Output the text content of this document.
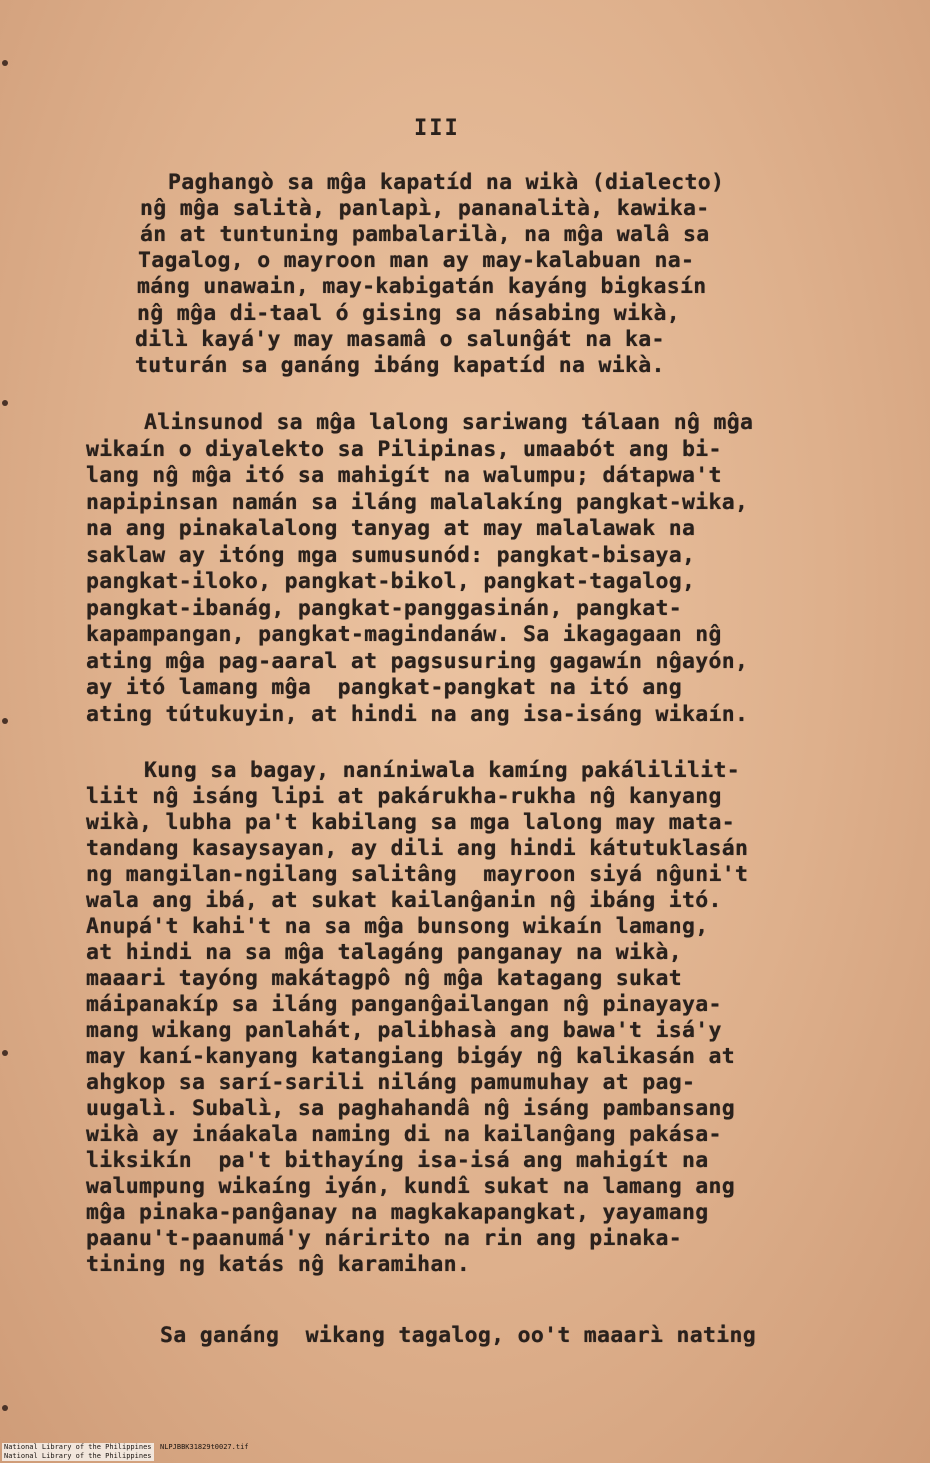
III
Paghangò sa mĝa kapatíd na wikà (dialecto)
nĝ mĝa salità, panlapì, pananalità, kawika-
án at tuntuning pambalarilà, na mĝa walâ sa
Tagalog, o mayroon man ay may-kalabuan na-
máng unawain, may-kabigatán kayáng bigkasín
nĝ mĝa di-taal ó gising sa násabing wikà,
dilì kayá'y may masamâ o salunĝát na ka-
tuturán sa ganáng ibáng kapatíd na wikà.
Alinsunod sa mĝa lalong sariwang tálaan nĝ mĝa
wikaín o diyalekto sa Pilipinas, umaabót ang bi-
lang nĝ mĝa itó sa mahigít na walumpu; dátapwa't
napipinsan namán sa iláng malalakíng pangkat-wika,
na ang pinakalalong tanyag at may malalawak na
saklaw ay itóng mga sumusunód: pangkat-bisaya,
pangkat-iloko, pangkat-bikol, pangkat-tagalog,
pangkat-ibanág, pangkat-panggasinán, pangkat-
kapampangan, pangkat-magindanáw. Sa ikagagaan nĝ
ating mĝa pag-aaral at pagsusuring gagawín nĝayón,
ay itó lamang mĝa  pangkat-pangkat na itó ang
ating tútukuyin, at hindi na ang isa-isáng wikaín.
Kung sa bagay, naníniwala kamíng pakálililit-
liit nĝ isáng lipi at pakárukha-rukha nĝ kanyang
wikà, lubha pa't kabilang sa mga lalong may mata-
tandang kasaysayan, ay dili ang hindi kátutuklasán
ng mangilan-ngilang salitâng  mayroon siyá nĝuni't
wala ang ibá, at sukat kailanĝanin nĝ ibáng itó.
Anupá't kahi't na sa mĝa bunsong wikaín lamang,
at hindi na sa mĝa talagáng panganay na wikà,
maaari tayóng makátagpô nĝ mĝa katagang sukat
máipanakíp sa iláng panganĝailangan nĝ pinayaya-
mang wikang panlahát, palibhasà ang bawa't isá'y
may kaní-kanyang katangiang bigáy nĝ kalikasán at
ahgkop sa sarí-sarili niláng pamumuhay at pag-
uugalì. Subalì, sa paghahandâ nĝ isáng pambansang
wikà ay ináakala naming di na kailanĝang pakása-
liksikín  pa't bithayíng isa-isá ang mahigít na
walumpung wikaíng iyán, kundî sukat na lamang ang
mĝa pinaka-panĝanay na magkakapangkat, yayamang
paanu't-paanumá'y náririto na rin ang pinaka-
tining ng katás nĝ karamihan.
Sa ganáng  wikang tagalog, oo't maaarì nating
National Library of the Philippines NLPJBBK31829t0027.tif

National Library of the Philippines
